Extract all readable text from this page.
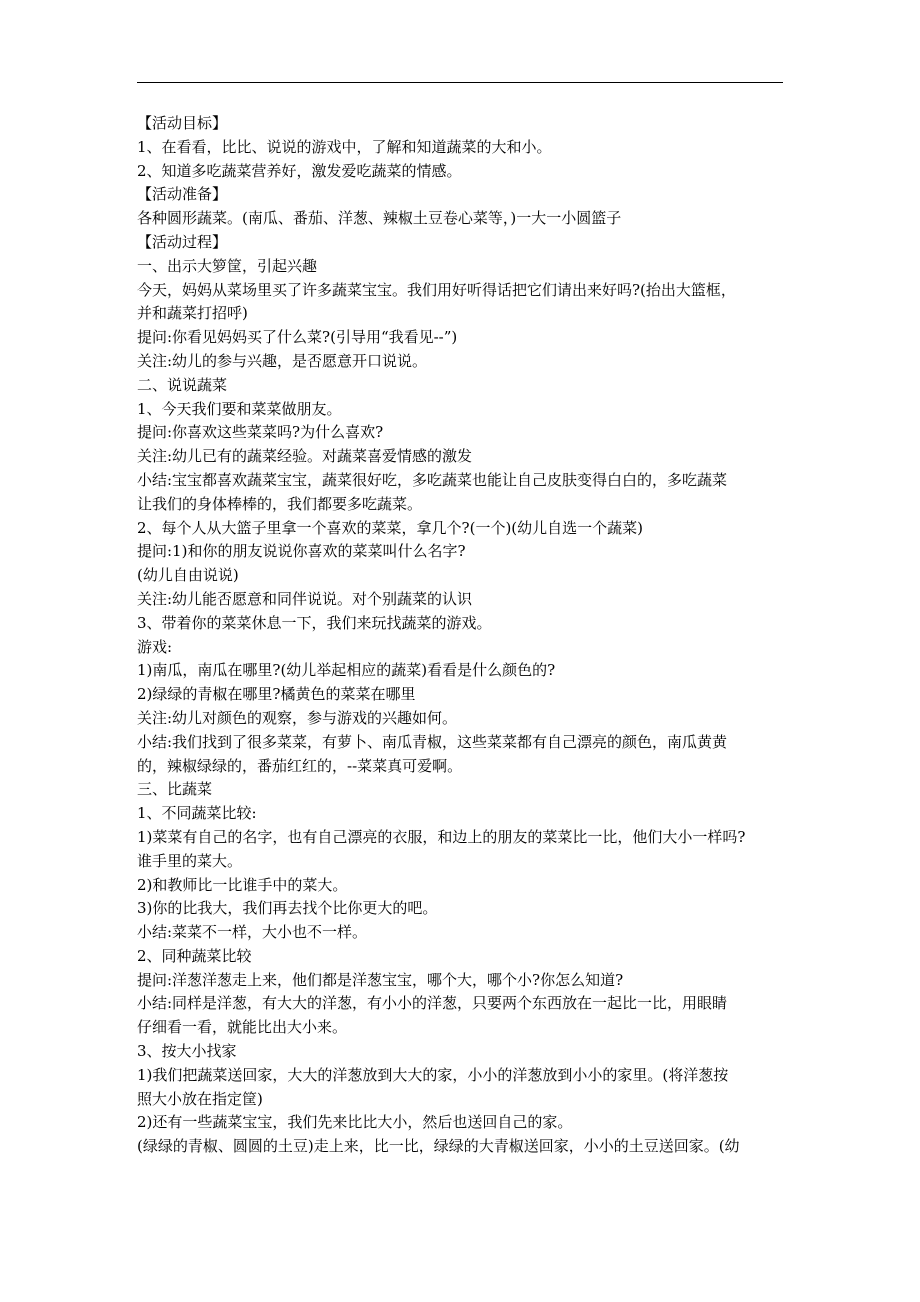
【活动目标】
1、在看看，比比、说说的游戏中，了解和知道蔬菜的大和小。
2、知道多吃蔬菜营养好，激发爱吃蔬菜的情感。
【活动准备】
各种圆形蔬菜。(南瓜、番茄、洋葱、辣椒土豆卷心菜等，)一大一小圆篮子
【活动过程】
一、出示大箩筐，引起兴趣
今天，妈妈从菜场里买了许多蔬菜宝宝。我们用好听得话把它们请出来好吗?(抬出大篮框，
并和蔬菜打招呼)
提问:你看见妈妈买了什么菜?(引导用“我看见--”)
关注:幼儿的参与兴趣，是否愿意开口说说。
二、说说蔬菜
1、今天我们要和菜菜做朋友。
提问:你喜欢这些菜菜吗?为什么喜欢?
关注:幼儿已有的蔬菜经验。对蔬菜喜爱情感的激发
小结:宝宝都喜欢蔬菜宝宝，蔬菜很好吃，多吃蔬菜也能让自己皮肤变得白白的，多吃蔬菜
让我们的身体棒棒的，我们都要多吃蔬菜。
2、每个人从大篮子里拿一个喜欢的菜菜，拿几个?(一个)(幼儿自选一个蔬菜)
提问:1)和你的朋友说说你喜欢的菜菜叫什么名字?
(幼儿自由说说)
关注:幼儿能否愿意和同伴说说。对个别蔬菜的认识
3、带着你的菜菜休息一下，我们来玩找蔬菜的游戏。
游戏:
1)南瓜，南瓜在哪里?(幼儿举起相应的蔬菜)看看是什么颜色的?
2)绿绿的青椒在哪里?橘黄色的菜菜在哪里
关注:幼儿对颜色的观察，参与游戏的兴趣如何。
小结:我们找到了很多菜菜，有萝卜、南瓜青椒，这些菜菜都有自己漂亮的颜色，南瓜黄黄
的，辣椒绿绿的，番茄红红的，--菜菜真可爱啊。
三、比蔬菜
1、不同蔬菜比较:
1)菜菜有自己的名字，也有自己漂亮的衣服，和边上的朋友的菜菜比一比，他们大小一样吗?
谁手里的菜大。
2)和教师比一比谁手中的菜大。
3)你的比我大，我们再去找个比你更大的吧。
小结:菜菜不一样，大小也不一样。
2、同种蔬菜比较
提问:洋葱洋葱走上来，他们都是洋葱宝宝，哪个大，哪个小?你怎么知道?
小结:同样是洋葱，有大大的洋葱，有小小的洋葱，只要两个东西放在一起比一比，用眼睛
仔细看一看，就能比出大小来。
3、按大小找家
1)我们把蔬菜送回家，大大的洋葱放到大大的家，小小的洋葱放到小小的家里。(将洋葱按
照大小放在指定筐)
2)还有一些蔬菜宝宝，我们先来比比大小，然后也送回自己的家。
(绿绿的青椒、圆圆的土豆)走上来，比一比，绿绿的大青椒送回家，小小的土豆送回家。(幼
